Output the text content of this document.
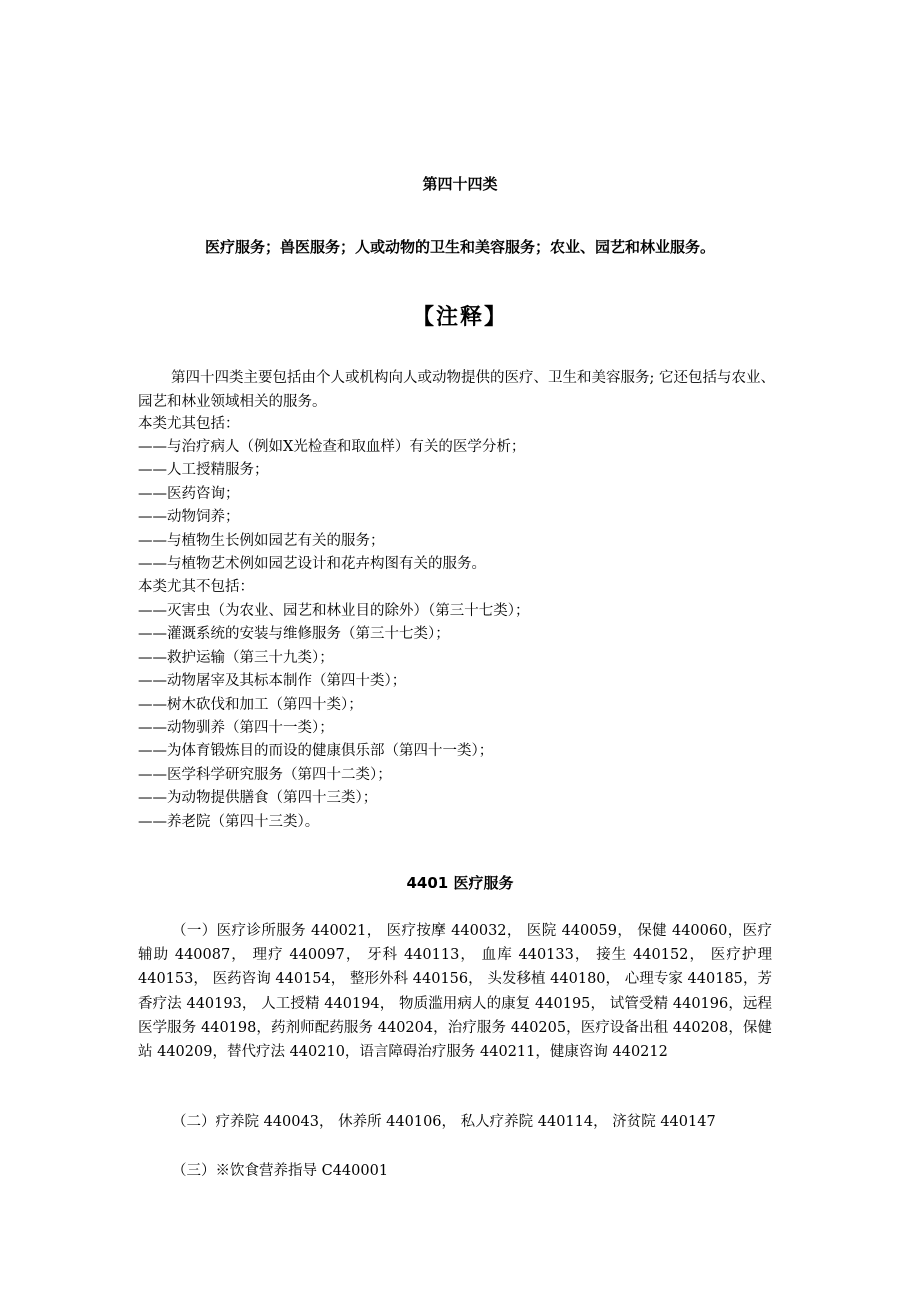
第四十四类
医疗服务；兽医服务；人或动物的卫生和美容服务；农业、园艺和林业服务。
【注释】

第四十四类主要包括由个人或机构向人或动物提供的医疗、卫生和美容服务; 它还包括与农业、园艺和林业领域相关的服务。

本类尤其包括：
——与治疗病人（例如X光检查和取血样）有关的医学分析；
——人工授精服务；
——医药咨询；
——动物饲养；
——与植物生长例如园艺有关的服务；
——与植物艺术例如园艺设计和花卉构图有关的服务。
本类尤其不包括：
——灭害虫（为农业、园艺和林业目的除外）（第三十七类）；
——灌溉系统的安装与维修服务（第三十七类）；
——救护运输（第三十九类）；
——动物屠宰及其标本制作（第四十类）；
——树木砍伐和加工（第四十类）；
——动物驯养（第四十一类）；
——为体育锻炼目的而设的健康俱乐部（第四十一类）；
——医学科学研究服务（第四十二类）；
——为动物提供膳食（第四十三类）；
——养老院（第四十三类）。
4401 医疗服务

（一）医疗诊所服务 440021， 医疗按摩 440032， 医院 440059， 保健 440060，医疗辅助 440087， 理疗 440097， 牙科 440113， 血库 440133， 接生 440152， 医疗护理 440153， 医药咨询 440154， 整形外科 440156， 头发移植 440180， 心理专家 440185，芳香疗法 440193， 人工授精 440194， 物质滥用病人的康复 440195， 试管受精 440196，远程医学服务 440198，药剂师配药服务 440204，治疗服务 440205，医疗设备出租 440208，保健站 440209，替代疗法 440210，语言障碍治疗服务 440211，健康咨询 440212

（二）疗养院 440043， 休养所 440106， 私人疗养院 440114， 济贫院 440147

（三）※饮食营养指导 C440001
